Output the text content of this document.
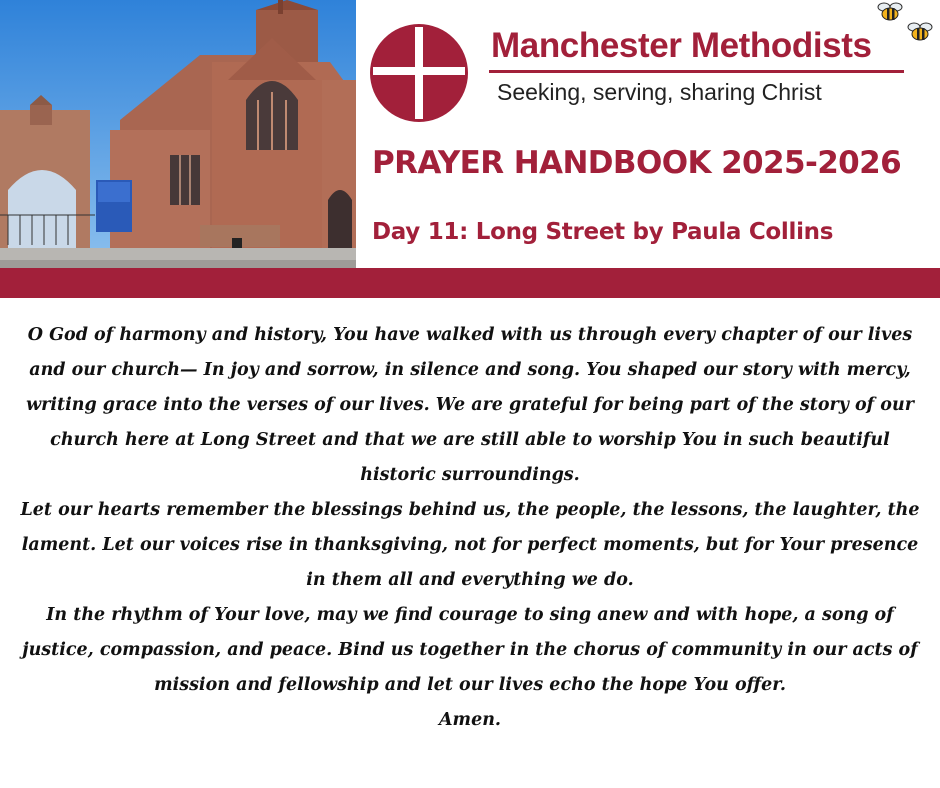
Manchester Methodists
Seeking, serving, sharing Christ
PRAYER HANDBOOK 2025-2026
Day 11: Long Street by Paula Collins

O God of harmony and history, You have walked with us through every chapter of our lives and our church— In joy and sorrow, in silence and song. You shaped our story with mercy, writing grace into the verses of our lives. We are grateful for being part of the story of our church here at Long Street and that we are still able to worship You in such beautiful historic surroundings.

Let our hearts remember the blessings behind us, the people, the lessons, the laughter, the lament. Let our voices rise in thanksgiving, not for perfect moments, but for Your presence in them all and everything we do.

In the rhythm of Your love, may we find courage to sing anew and with hope, a song of justice, compassion, and peace. Bind us together in the chorus of community in our acts of mission and fellowship and let our lives echo the hope You offer.

Amen.
